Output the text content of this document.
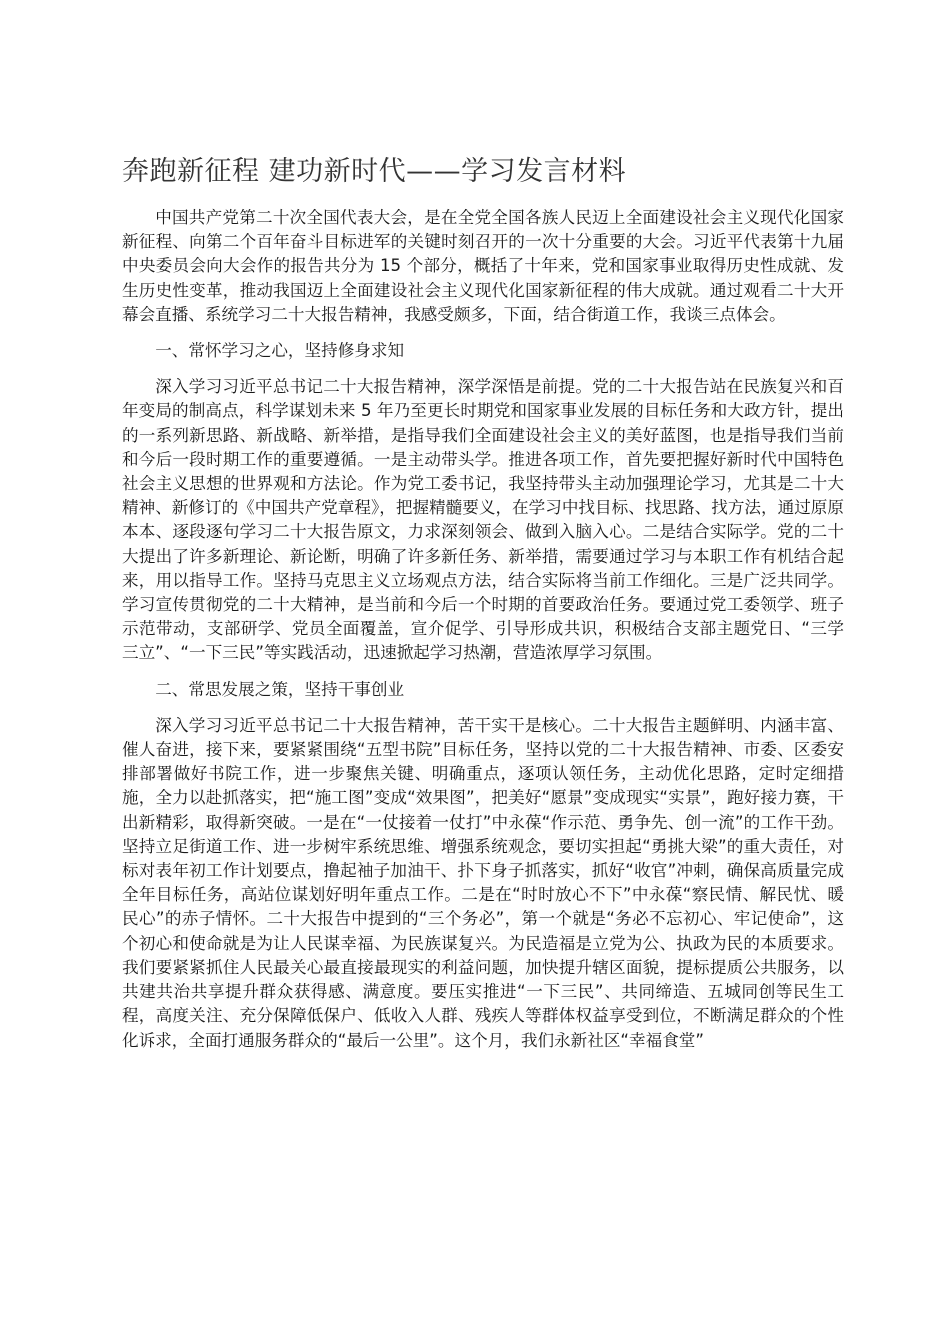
奔跑新征程 建功新时代——学习发言材料

中国共产党第二十次全国代表大会，是在全党全国各族人民迈上全面建设社会主义现代化国家新征程、向第二个百年奋斗目标进军的关键时刻召开的一次十分重要的大会。习近平代表第十九届中央委员会向大会作的报告共分为 15 个部分，概括了十年来，党和国家事业取得历史性成就、发生历史性变革，推动我国迈上全面建设社会主义现代化国家新征程的伟大成就。通过观看二十大开幕会直播、系统学习二十大报告精神，我感受颇多，下面，结合街道工作，我谈三点体会。

一、常怀学习之心，坚持修身求知

深入学习习近平总书记二十大报告精神，深学深悟是前提。党的二十大报告站在民族复兴和百年变局的制高点，科学谋划未来 5 年乃至更长时期党和国家事业发展的目标任务和大政方针，提出的一系列新思路、新战略、新举措，是指导我们全面建设社会主义的美好蓝图，也是指导我们当前和今后一段时期工作的重要遵循。一是主动带头学。推进各项工作，首先要把握好新时代中国特色社会主义思想的世界观和方法论。作为党工委书记，我坚持带头主动加强理论学习，尤其是二十大精神、新修订的《中国共产党章程》，把握精髓要义，在学习中找目标、找思路、找方法，通过原原本本、逐段逐句学习二十大报告原文，力求深刻领会、做到入脑入心。二是结合实际学。党的二十大提出了许多新理论、新论断，明确了许多新任务、新举措，需要通过学习与本职工作有机结合起来，用以指导工作。坚持马克思主义立场观点方法，结合实际将当前工作细化。三是广泛共同学。学习宣传贯彻党的二十大精神，是当前和今后一个时期的首要政治任务。要通过党工委领学、班子示范带动，支部研学、党员全面覆盖，宣介促学、引导形成共识，积极结合支部主题党日、“三学三立”、“一下三民”等实践活动，迅速掀起学习热潮，营造浓厚学习氛围。

二、常思发展之策，坚持干事创业

深入学习习近平总书记二十大报告精神，苦干实干是核心。二十大报告主题鲜明、内涵丰富、催人奋进，接下来，要紧紧围绕“五型书院”目标任务，坚持以党的二十大报告精神、市委、区委安排部署做好书院工作，进一步聚焦关键、明确重点，逐项认领任务，主动优化思路，定时定细措施，全力以赴抓落实，把“施工图”变成“效果图”，把美好“愿景”变成现实“实景”，跑好接力赛，干出新精彩，取得新突破。一是在“一仗接着一仗打”中永葆“作示范、勇争先、创一流”的工作干劲。坚持立足街道工作、进一步树牢系统思维、增强系统观念，要切实担起“勇挑大梁”的重大责任，对标对表年初工作计划要点，撸起袖子加油干、扑下身子抓落实，抓好“收官”冲刺，确保高质量完成全年目标任务，高站位谋划好明年重点工作。二是在“时时放心不下”中永葆“察民情、解民忧、暖民心”的赤子情怀。二十大报告中提到的“三个务必”，第一个就是“务必不忘初心、牢记使命”，这个初心和使命就是为让人民谋幸福、为民族谋复兴。为民造福是立党为公、执政为民的本质要求。我们要紧紧抓住人民最关心最直接最现实的利益问题，加快提升辖区面貌，提标提质公共服务，以共建共治共享提升群众获得感、满意度。要压实推进“一下三民”、共同缔造、五城同创等民生工程，高度关注、充分保障低保户、低收入人群、残疾人等群体权益享受到位，不断满足群众的个性化诉求，全面打通服务群众的“最后一公里”。这个月，我们永新社区“幸福食堂”
